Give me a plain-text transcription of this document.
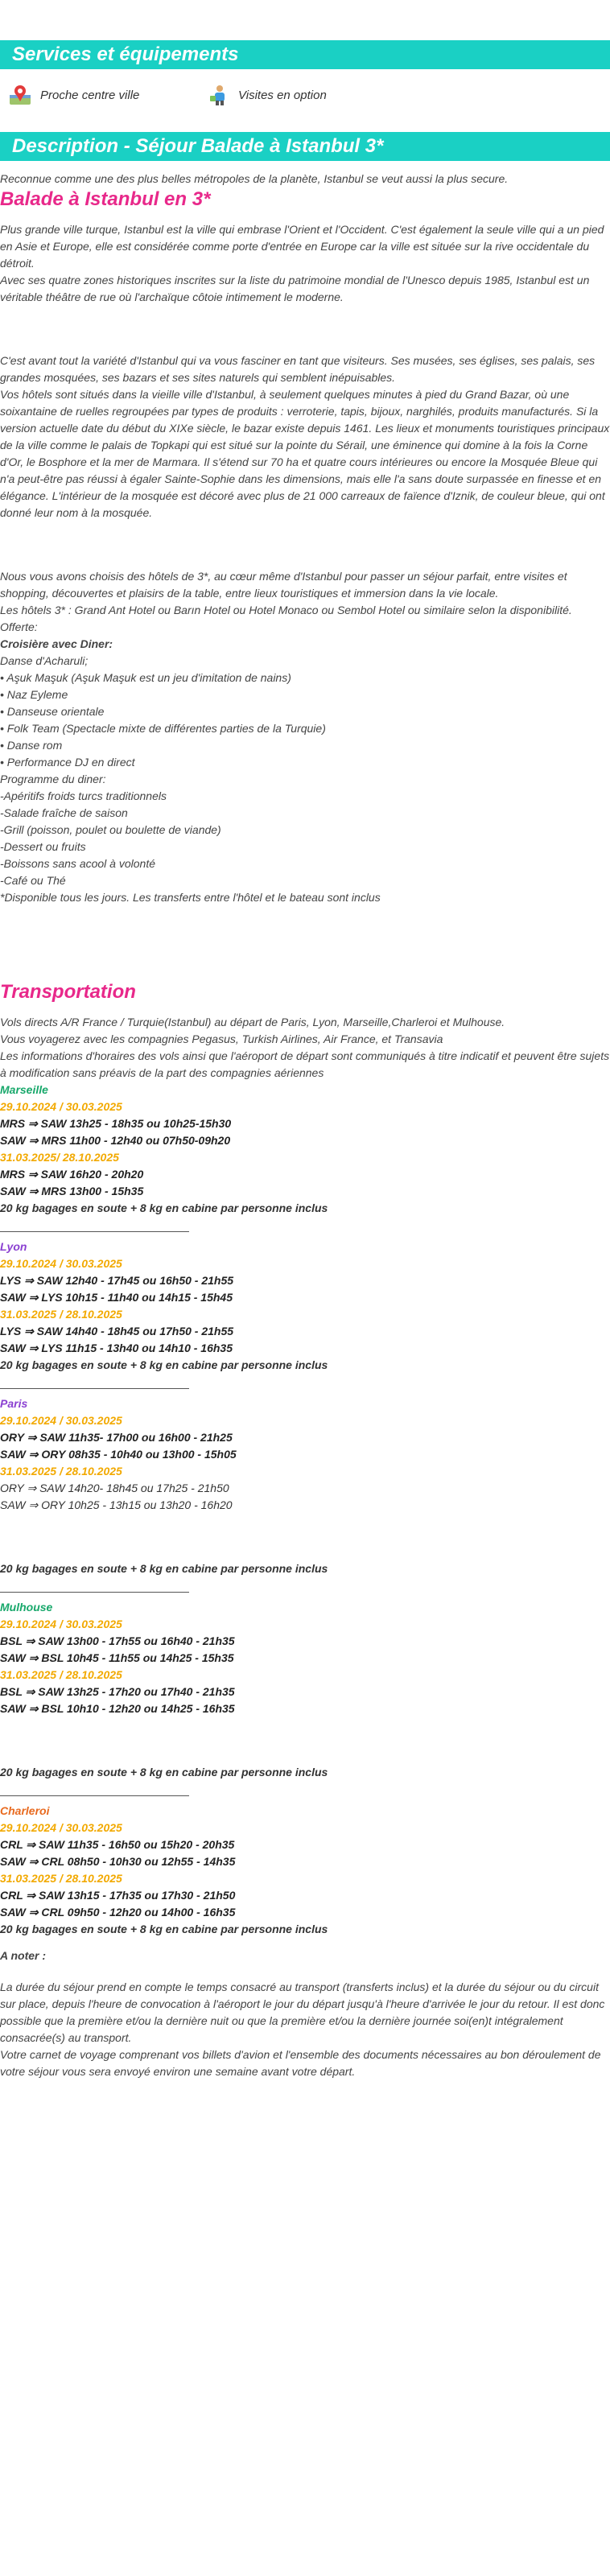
Services et équipements
Proche centre ville	Visites en option
Description - Séjour Balade à Istanbul 3*

Reconnue comme une des plus belles métropoles de la planète, Istanbul se veut aussi la plus secure.

Balade à Istanbul en 3*

Plus grande ville turque, Istanbul est la ville qui embrase l'Orient et l'Occident. C'est également la seule ville qui a un pied en Asie et Europe, elle est considérée comme porte d'entrée en Europe car la ville est située sur la rive occidentale du détroit.

Avec ses quatre zones historiques inscrites sur la liste du patrimoine mondial de l'Unesco depuis 1985, Istanbul est un véritable théâtre de rue où l'archaïque côtoie intimement le moderne.

C'est avant tout la variété d'Istanbul qui va vous fasciner en tant que visiteurs. Ses musées, ses églises, ses palais, ses grandes mosquées, ses bazars et ses sites naturels qui semblent inépuisables.

Vos hôtels sont situés dans la vieille ville d'Istanbul, à seulement quelques minutes à pied du Grand Bazar, où une soixantaine de ruelles regroupées par types de produits : verroterie, tapis, bijoux, narghilés, produits manufacturés. Si la version actuelle date du début du XIXe siècle, le bazar existe depuis 1461. Les lieux et monuments touristiques principaux de la ville comme le palais de Topkapi qui est situé sur la pointe du Sérail, une éminence qui domine à la fois la Corne d'Or, le Bosphore et la mer de Marmara. Il s'étend sur 70 ha et quatre cours intérieures ou encore la Mosquée Bleue qui n'a peut-être pas réussi à égaler Sainte-Sophie dans les dimensions, mais elle l'a sans doute surpassée en finesse et en élégance. L'intérieur de la mosquée est décoré avec plus de 21 000 carreaux de faïence d'Iznik, de couleur bleue, qui ont donné leur nom à la mosquée.

Nous vous avons choisis des hôtels de 3*, au cœur même d'Istanbul pour passer un séjour parfait, entre visites et shopping, découvertes et plaisirs de la table, entre lieux touristiques et immersion dans la vie locale.

Les hôtels 3* : Grand Ant Hotel ou Barın Hotel ou Hotel Monaco ou Sembol Hotel ou similaire selon la disponibilité.

Offerte:

Croisière avec Diner:

Danse d'Acharuli;

• Aşuk Maşuk (Aşuk Maşuk est un jeu d'imitation de nains)

• Naz Eyleme

• Danseuse orientale

• Folk Team (Spectacle mixte de différentes parties de la Turquie)

• Danse rom

• Performance DJ en direct

Programme du diner:

-Apéritifs froids turcs traditionnels

-Salade fraîche de saison

-Grill (poisson, poulet ou boulette de viande)

-Dessert ou fruits

-Boissons sans acool à volonté

-Café ou Thé

*Disponible tous les jours. Les transferts entre l'hôtel et le bateau sont inclus

Transportation

Vols directs A/R France / Turquie(Istanbul) au départ de Paris, Lyon, Marseille,Charleroi et Mulhouse.

Vous voyagerez avec les compagnies Pegasus, Turkish Airlines, Air France, et Transavia

Les informations d'horaires des vols ainsi que l'aéroport de départ sont communiqués à titre indicatif et peuvent être sujets à modification sans préavis de la part des compagnies aériennes

Marseille

29.10.2024 / 30.03.2025

MRS ⇒ SAW 13h25 - 18h35 ou 10h25-15h30

SAW ⇒ MRS 11h00 - 12h40 ou 07h50-09h20

31.03.2025/ 28.10.2025

MRS ⇒ SAW 16h20 - 20h20

SAW ⇒ MRS 13h00 - 15h35

20 kg bagages en soute + 8 kg en cabine par personne inclus

Lyon

29.10.2024 / 30.03.2025

LYS ⇒ SAW 12h40 - 17h45 ou 16h50 - 21h55

SAW ⇒ LYS 10h15 - 11h40 ou 14h15 - 15h45

31.03.2025 / 28.10.2025

LYS ⇒ SAW 14h40 - 18h45 ou 17h50 - 21h55

SAW ⇒ LYS 11h15 - 13h40 ou 14h10 - 16h35

20 kg bagages en soute + 8 kg en cabine par personne inclus

Paris

29.10.2024 / 30.03.2025

ORY ⇒ SAW 11h35- 17h00 ou 16h00 - 21h25

SAW ⇒ ORY 08h35 - 10h40 ou 13h00 - 15h05

31.03.2025 / 28.10.2025

ORY ⇒ SAW 14h20- 18h45 ou 17h25 - 21h50

SAW ⇒ ORY 10h25 - 13h15 ou 13h20 - 16h20

20 kg bagages en soute + 8 kg en cabine par personne inclus

Mulhouse

29.10.2024 / 30.03.2025

BSL ⇒ SAW 13h00 - 17h55 ou 16h40 - 21h35

SAW ⇒ BSL 10h45 - 11h55 ou 14h25 - 15h35

31.03.2025 / 28.10.2025

BSL ⇒ SAW 13h25 - 17h20 ou 17h40 - 21h35

SAW ⇒ BSL 10h10 - 12h20 ou 14h25 - 16h35

20 kg bagages en soute + 8 kg en cabine par personne inclus

Charleroi

29.10.2024 / 30.03.2025

CRL ⇒ SAW 11h35 - 16h50 ou 15h20 - 20h35

SAW ⇒ CRL 08h50 - 10h30 ou 12h55 - 14h35

31.03.2025 / 28.10.2025

CRL ⇒ SAW 13h15 - 17h35 ou 17h30 - 21h50

SAW ⇒ CRL 09h50 - 12h20 ou 14h00 - 16h35

20 kg bagages en soute + 8 kg en cabine par personne inclus

A noter :

La durée du séjour prend en compte le temps consacré au transport (transferts inclus) et la durée du séjour ou du circuit sur place, depuis l'heure de convocation à l'aéroport le jour du départ jusqu'à l'heure d'arrivée le jour du retour. Il est donc possible que la première et/ou la dernière nuit ou que la première et/ou la dernière journée soi(en)t intégralement consacrée(s) au transport.

Votre carnet de voyage comprenant vos billets d'avion et l'ensemble des documents nécessaires au bon déroulement de votre séjour vous sera envoyé environ une semaine avant votre départ.
